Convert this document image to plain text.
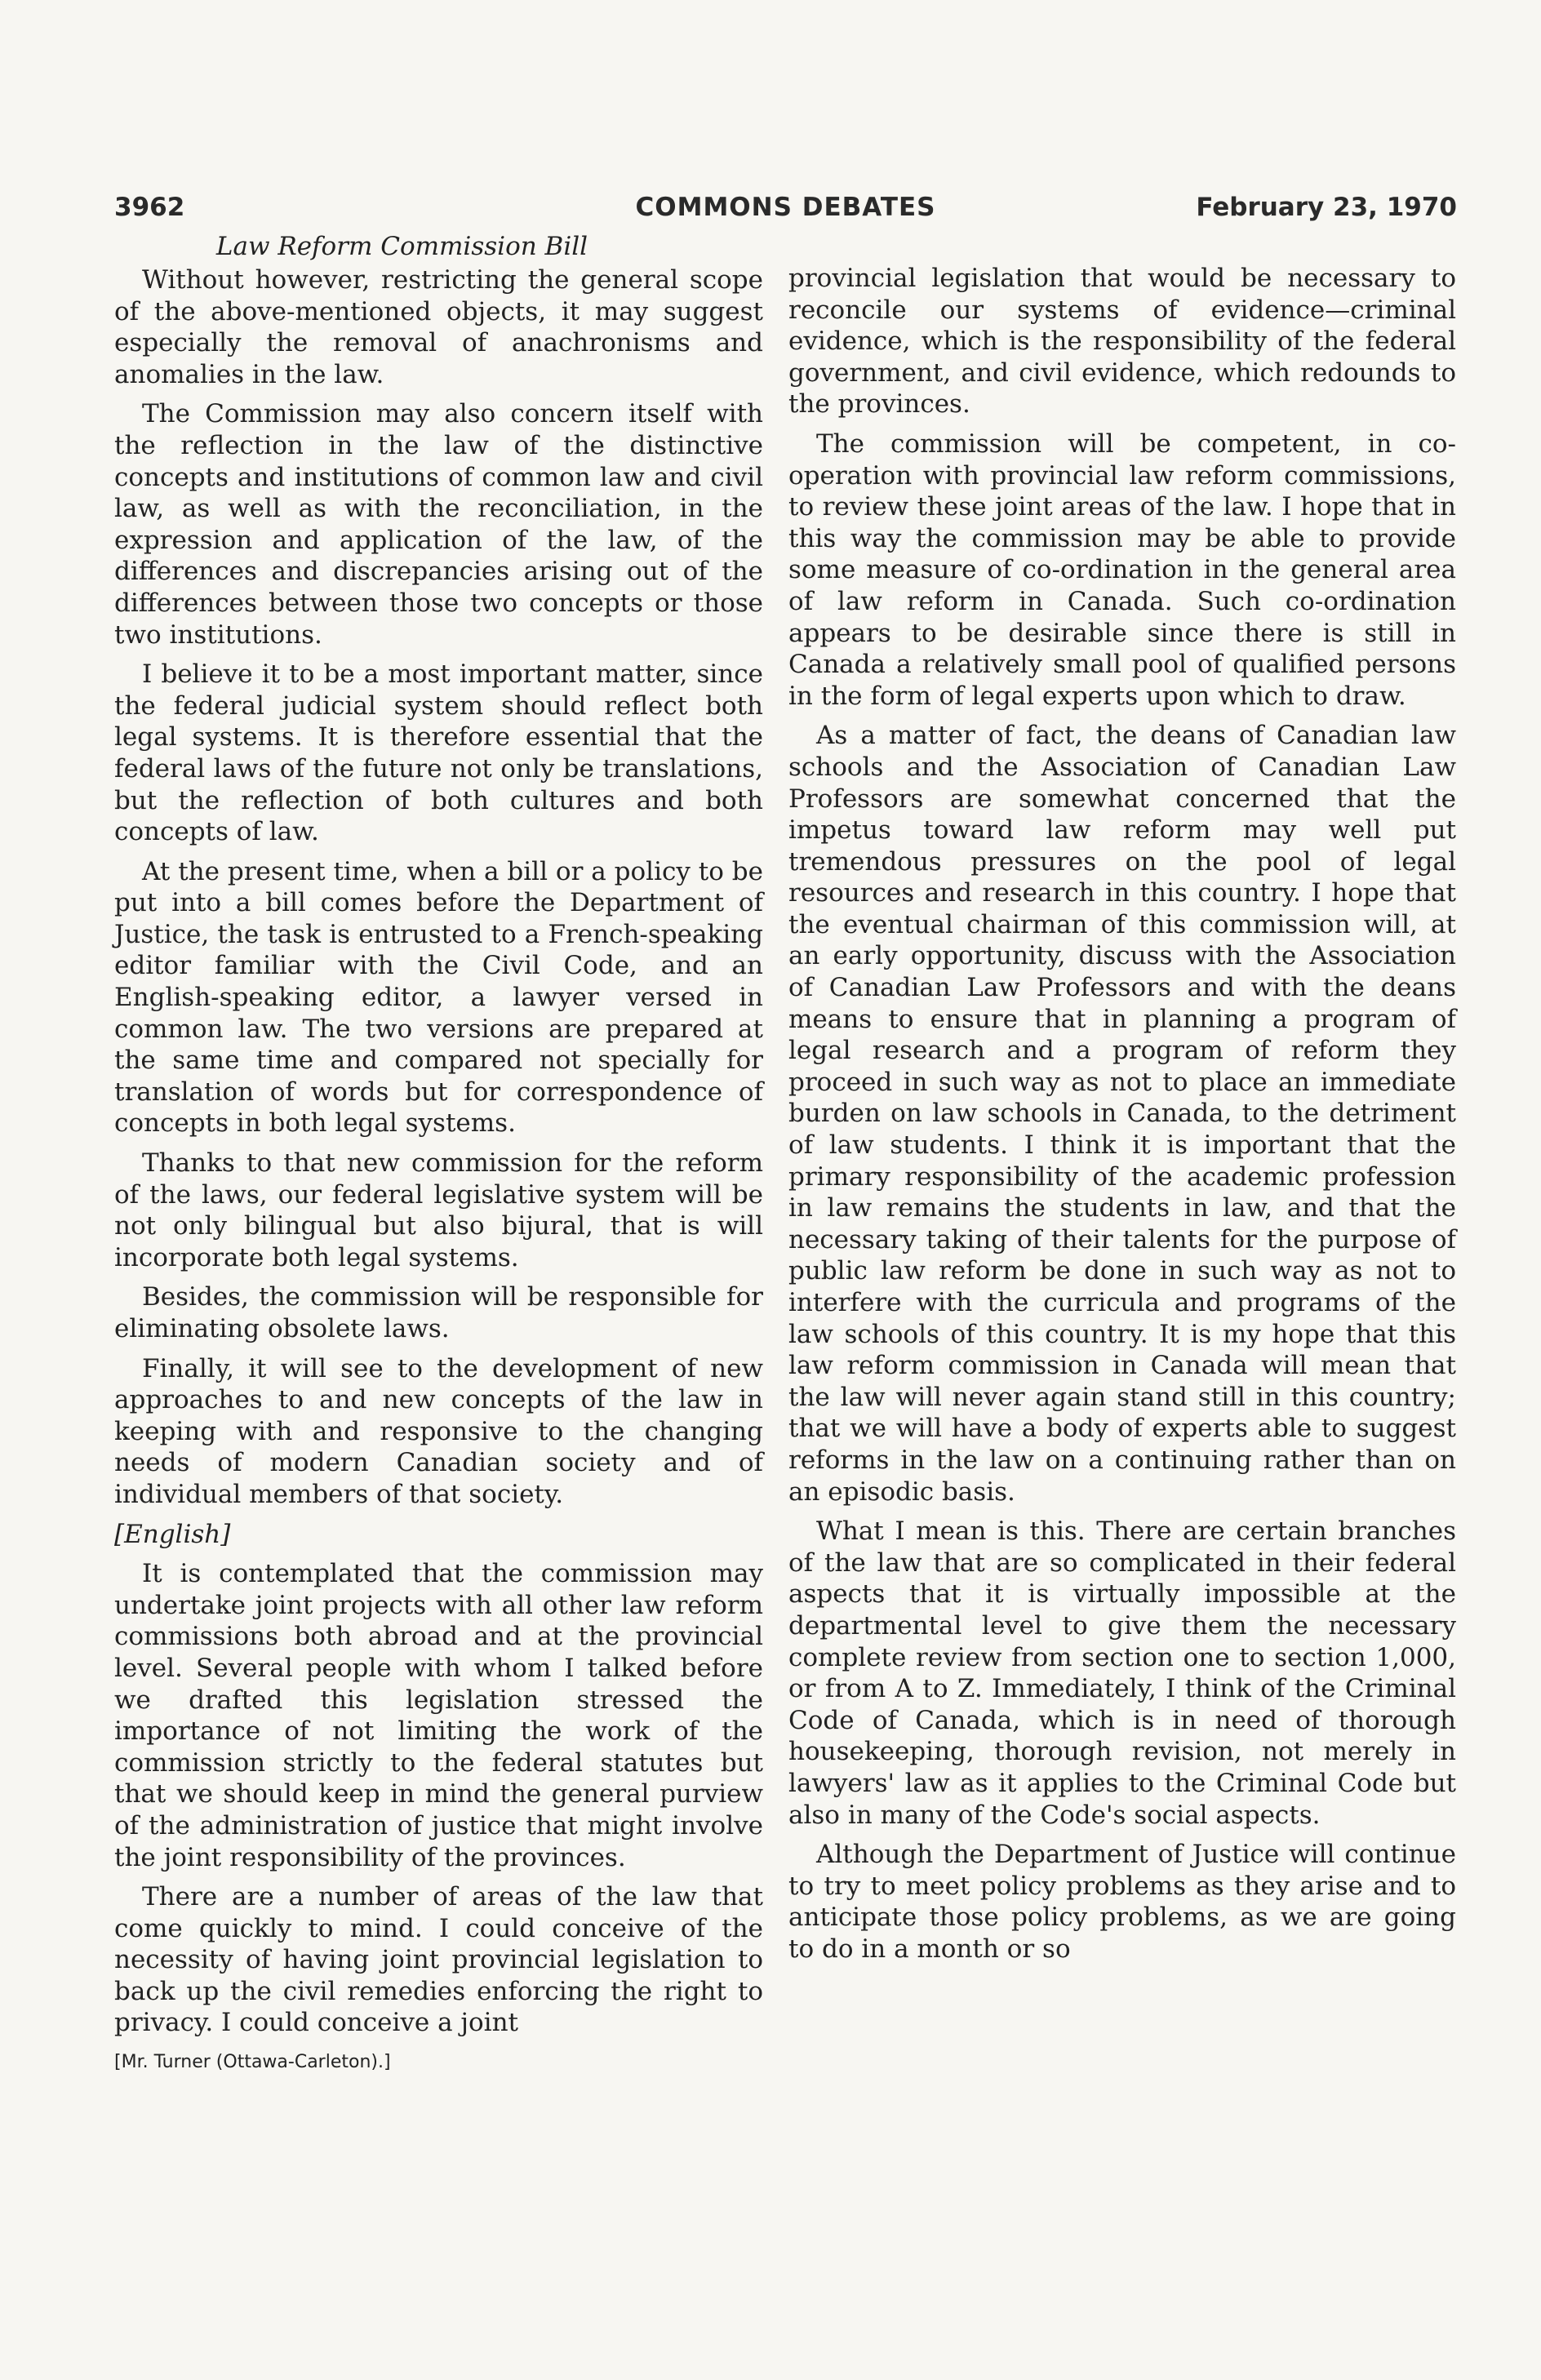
3962	COMMONS DEBATES	February 23, 1970
Law Reform Commission Bill

Without however, restricting the general scope of the above-mentioned objects, it may suggest especially the removal of anachronisms and anomalies in the law.

The Commission may also concern itself with the reflection in the law of the distinctive concepts and institutions of common law and civil law, as well as with the reconciliation, in the expression and application of the law, of the differences and discrepancies arising out of the differences between those two concepts or those two institutions.

I believe it to be a most important matter, since the federal judicial system should reflect both legal systems. It is therefore essential that the federal laws of the future not only be translations, but the reflection of both cultures and both concepts of law.

At the present time, when a bill or a policy to be put into a bill comes before the Department of Justice, the task is entrusted to a French-speaking editor familiar with the Civil Code, and an English-speaking editor, a lawyer versed in common law. The two versions are prepared at the same time and compared not specially for translation of words but for correspondence of concepts in both legal systems.

Thanks to that new commission for the reform of the laws, our federal legislative system will be not only bilingual but also bijural, that is will incorporate both legal systems.

Besides, the commission will be responsible for eliminating obsolete laws.

Finally, it will see to the development of new approaches to and new concepts of the law in keeping with and responsive to the changing needs of modern Canadian society and of individual members of that society.

[English]

It is contemplated that the commission may undertake joint projects with all other law reform commissions both abroad and at the provincial level. Several people with whom I talked before we drafted this legislation stressed the importance of not limiting the work of the commission strictly to the federal statutes but that we should keep in mind the general purview of the administration of justice that might involve the joint responsibility of the provinces.

There are a number of areas of the law that come quickly to mind. I could conceive of the necessity of having joint provincial legislation to back up the civil remedies enforcing the right to privacy. I could conceive a joint

[Mr. Turner (Ottawa-Carleton).]

provincial legislation that would be necessary to reconcile our systems of evidence—criminal evidence, which is the responsibility of the federal government, and civil evidence, which redounds to the provinces.

The commission will be competent, in co-operation with provincial law reform commissions, to review these joint areas of the law. I hope that in this way the commission may be able to provide some measure of co-ordination in the general area of law reform in Canada. Such co-ordination appears to be desirable since there is still in Canada a relatively small pool of qualified persons in the form of legal experts upon which to draw.

As a matter of fact, the deans of Canadian law schools and the Association of Canadian Law Professors are somewhat concerned that the impetus toward law reform may well put tremendous pressures on the pool of legal resources and research in this country. I hope that the eventual chairman of this commission will, at an early opportunity, discuss with the Association of Canadian Law Professors and with the deans means to ensure that in planning a program of legal research and a program of reform they proceed in such way as not to place an immediate burden on law schools in Canada, to the detriment of law students. I think it is important that the primary responsibility of the academic profession in law remains the students in law, and that the necessary taking of their talents for the purpose of public law reform be done in such way as not to interfere with the curricula and programs of the law schools of this country. It is my hope that this law reform commission in Canada will mean that the law will never again stand still in this country; that we will have a body of experts able to suggest reforms in the law on a continuing rather than on an episodic basis.

What I mean is this. There are certain branches of the law that are so complicated in their federal aspects that it is virtually impossible at the departmental level to give them the necessary complete review from section one to section 1,000, or from A to Z. Immediately, I think of the Criminal Code of Canada, which is in need of thorough housekeeping, thorough revision, not merely in lawyers' law as it applies to the Criminal Code but also in many of the Code's social aspects.

Although the Department of Justice will continue to try to meet policy problems as they arise and to anticipate those policy problems, as we are going to do in a month or so
